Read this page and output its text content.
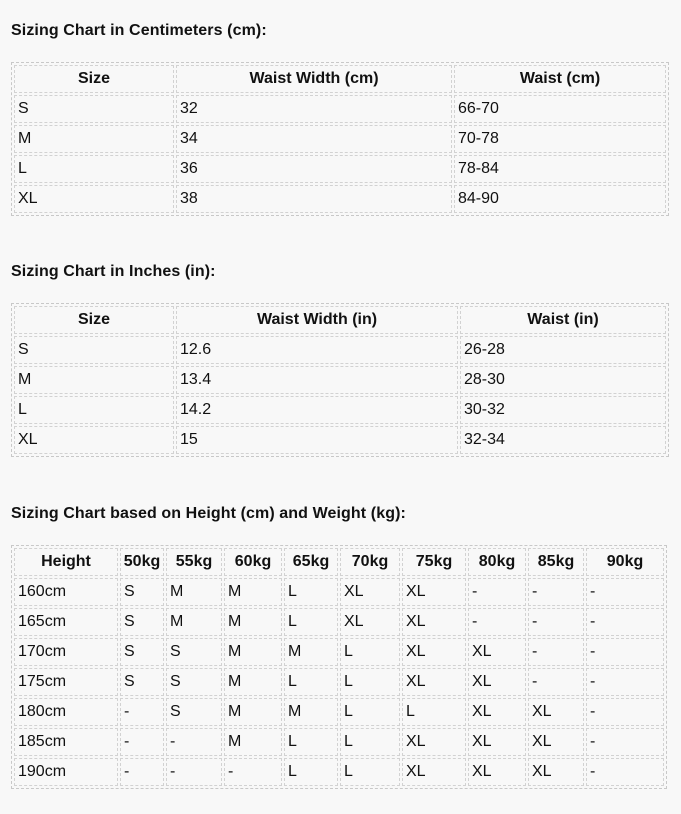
Sizing Chart in Centimeters (cm):
Size	Waist Width (cm)	Waist (cm)
S	32	66-70
M	34	70-78
L	36	78-84
XL	38	84-90
Sizing Chart in Inches (in):
Size	Waist Width (in)	Waist (in)
S	12.6	26-28
M	13.4	28-30
L	14.2	30-32
XL	15	32-34
Sizing Chart based on Height (cm) and Weight (kg):
Height	50kg	55kg	60kg	65kg	70kg	75kg	80kg	85kg	90kg
160cm	S	M	M	L	XL	XL	-	-	-
165cm	S	M	M	L	XL	XL	-	-	-
170cm	S	S	M	M	L	XL	XL	-	-
175cm	S	S	M	L	L	XL	XL	-	-
180cm	-	S	M	M	L	L	XL	XL	-
185cm	-	-	M	L	L	XL	XL	XL	-
190cm	-	-	-	L	L	XL	XL	XL	-
